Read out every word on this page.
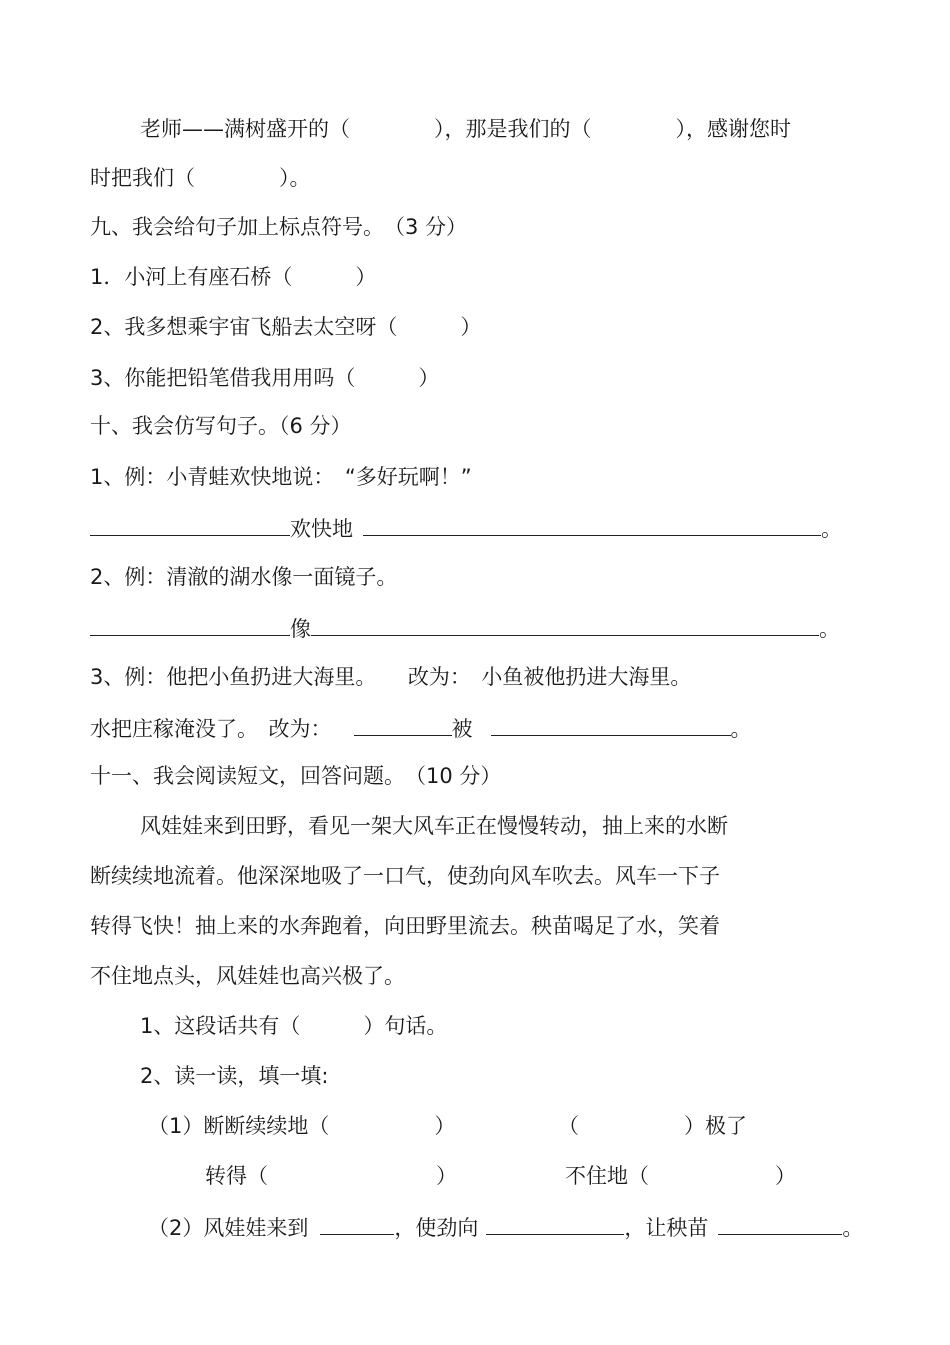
老师——满树盛开的（　　　　），那是我们的（　　　　），感谢您时
时把我们（　　　　）。
九、我会给句子加上标点符号。　（3 分）
1．小河上有座石桥（　　　）
2、我多想乘宇宙飞船去太空呀（　　　）
3、你能把铅笔借我用用吗（　　　）
十、我会仿写句子。（6 分）
1、例：小青蛙欢快地说：　“多好玩啊！”
欢快地	。
2、例：清澈的湖水像一面镜子。
像	。
3、例：他把小鱼扔进大海里。　　改为：　小鱼被他扔进大海里。
水把庄稼淹没了。　改为：	被	。
十一、我会阅读短文，回答问题。　（10 分）
风娃娃来到田野，看见一架大风车正在慢慢转动，抽上来的水断
断续续地流着。他深深地吸了一口气，使劲向风车吹去。风车一下子
转得飞快！抽上来的水奔跑着，向田野里流去。秧苗喝足了水，笑着
不住地点头，风娃娃也高兴极了。
1、这段话共有（　　　）句话。
2、读一读，填一填:
（1）断断续续地（　　　　　）	（　　　　　）极了
转得（　　　　　　　　）	不住地（　　　　　　）
（2）风娃娃来到	，使劲向	，让秧苗	。
